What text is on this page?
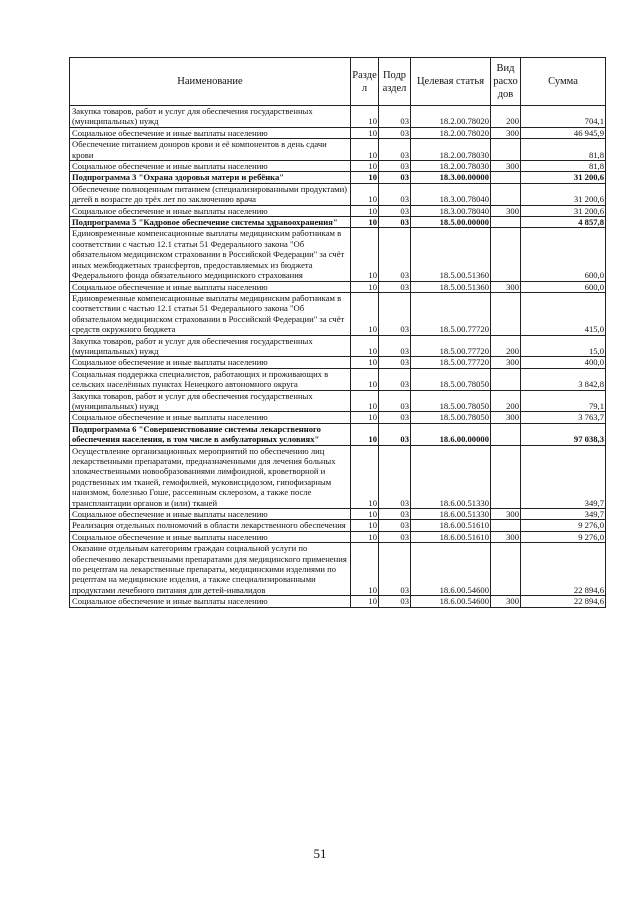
Наименование	Разде л	Подр аздел	Целевая статья	Вид расхо дов	Сумма
Закупка товаров, работ и услуг для обеспечения государственных (муниципальных) нужд	10	03	18.2.00.78020	200	704,1
Социальное обеспечение и иные выплаты населению	10	03	18.2.00.78020	300	46 945,9
Обеспечение питанием доноров крови и её компонентов в день сдачи крови	10	03	18.2.00.78030		81,8
Социальное обеспечение и иные выплаты населению	10	03	18.2.00.78030	300	81,8
Подпрограмма 3 "Охрана здоровья матери и ребёнка"	10	03	18.3.00.00000		31 200,6
Обеспечение полноценным питанием (специализированными продуктами) детей в возрасте до трёх лет по заключению врача	10	03	18.3.00.78040		31 200,6
Социальное обеспечение и иные выплаты населению	10	03	18.3.00.78040	300	31 200,6
Подпрограмма 5 "Кадровое обеспечение системы здравоохранения"	10	03	18.5.00.00000		4 857,8
Единовременные компенсационные выплаты медицинским работникам в соответствии с частью 12.1 статьи 51 Федерального закона "Об обязательном медицинском страховании в Российской Федерации" за счёт иных межбюджетных трансфертов, предоставляемых из бюджета Федерального фонда обязательного медицинского страхования	10	03	18.5.00.51360		600,0
Социальное обеспечение и иные выплаты населению	10	03	18.5.00.51360	300	600,0
Единовременные компенсационные выплаты медицинским работникам в соответствии с частью 12.1 статьи 51 Федерального закона "Об обязательном медицинском страховании в Российской Федерации" за счёт средств окружного бюджета	10	03	18.5.00.77720		415,0
Закупка товаров, работ и услуг для обеспечения государственных (муниципальных) нужд	10	03	18.5.00.77720	200	15,0
Социальное обеспечение и иные выплаты населению	10	03	18.5.00.77720	300	400,0
Социальная поддержка специалистов, работающих и проживающих в сельских населённых пунктах Ненецкого автономного округа	10	03	18.5.00.78050		3 842,8
Закупка товаров, работ и услуг для обеспечения государственных (муниципальных) нужд	10	03	18.5.00.78050	200	79,1
Социальное обеспечение и иные выплаты населению	10	03	18.5.00.78050	300	3 763,7
Подпрограмма 6 "Совершенствование системы лекарственного обеспечения населения, в том числе в амбулаторных условиях"	10	03	18.6.00.00000		97 038,3
Осуществление организационных мероприятий по обеспечению лиц лекарственными препаратами, предназначенными для лечения больных злокачественными новообразованиями лимфоидной, кроветворной и родственных им тканей, гемофилией, муковисцидозом, гипофизарным нанизмом, болезнью Гоше, рассеянным склерозом, а также после трансплантации органов и (или) тканей	10	03	18.6.00.51330		349,7
Социальное обеспечение и иные выплаты населению	10	03	18.6.00.51330	300	349,7
Реализация отдельных полномочий в области лекарственного обеспечения	10	03	18.6.00.51610		9 276,0
Социальное обеспечение и иные выплаты населению	10	03	18.6.00.51610	300	9 276,0
Оказание отдельным категориям граждан социальной услуги по обеспечению лекарственными препаратами для медицинского применения по рецептам на лекарственные препараты, медицинскими изделиями по рецептам на медицинские изделия, а также специализированными продуктами лечебного питания для детей-инвалидов	10	03	18.6.00.54600		22 894,6
Социальное обеспечение и иные выплаты населению	10	03	18.6.00.54600	300	22 894,6
51
